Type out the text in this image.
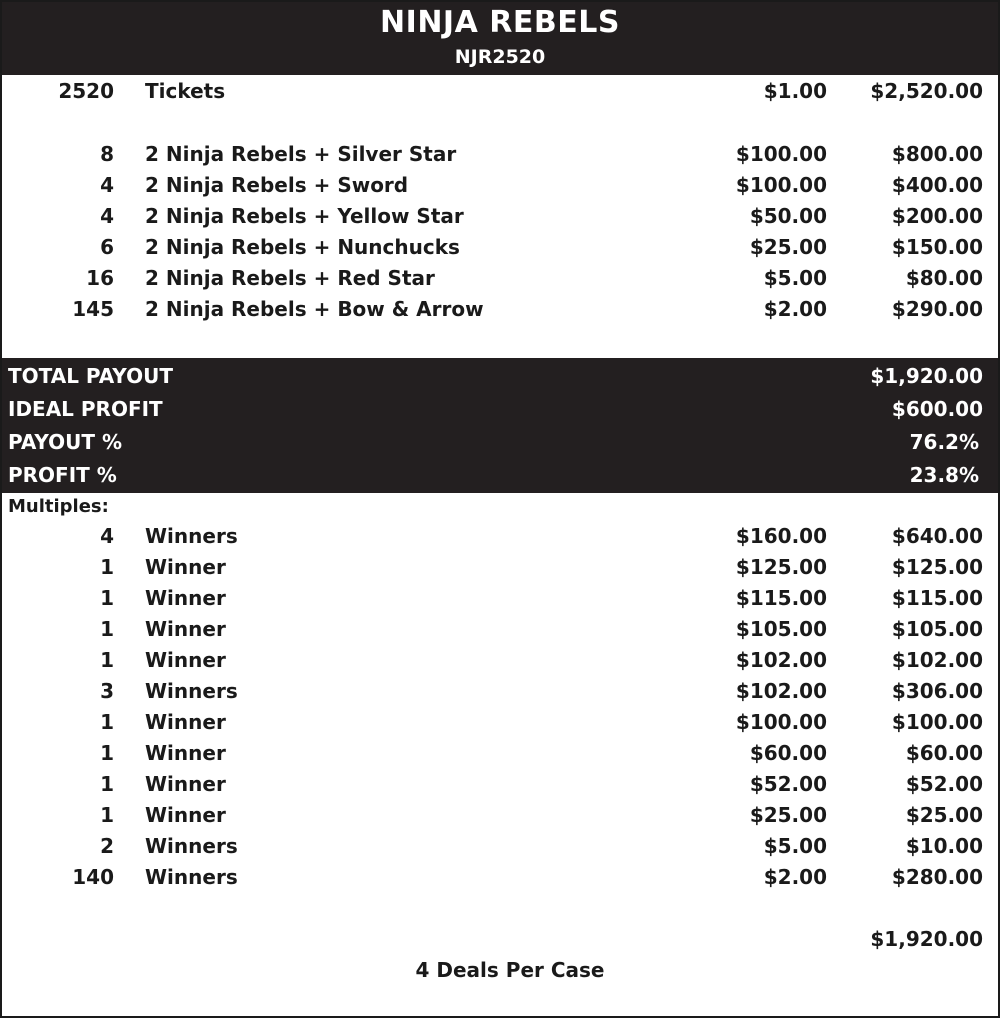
NINJA REBELS
NJR2520
2520 Tickets	$1.00 $2,520.00
8 2 Ninja Rebels + Silver Star	$100.00	$800.00
4 2 Ninja Rebels + Sword	$100.00	$400.00
4 2 Ninja Rebels + Yellow Star	$50.00	$200.00
6 2 Ninja Rebels + Nunchucks	$25.00	$150.00
16 2 Ninja Rebels + Red Star	$5.00	$80.00
145 2 Ninja Rebels + Bow & Arrow	$2.00	$290.00
TOTAL PAYOUT	$1,920.00
IDEAL PROFIT	$600.00
PAYOUT %	76.2%
PROFIT %	23.8%
Multiples:
4 Winners	$160.00	$640.00
1 Winner	$125.00	$125.00
1 Winner	$115.00	$115.00
1 Winner	$105.00	$105.00
1 Winner	$102.00	$102.00
3 Winners	$102.00	$306.00
1 Winner	$100.00	$100.00
1 Winner	$60.00	$60.00
1 Winner	$52.00	$52.00
1 Winner	$25.00	$25.00
2 Winners	$5.00	$10.00
140 Winners	$2.00	$280.00
$1,920.00
4 Deals Per Case
